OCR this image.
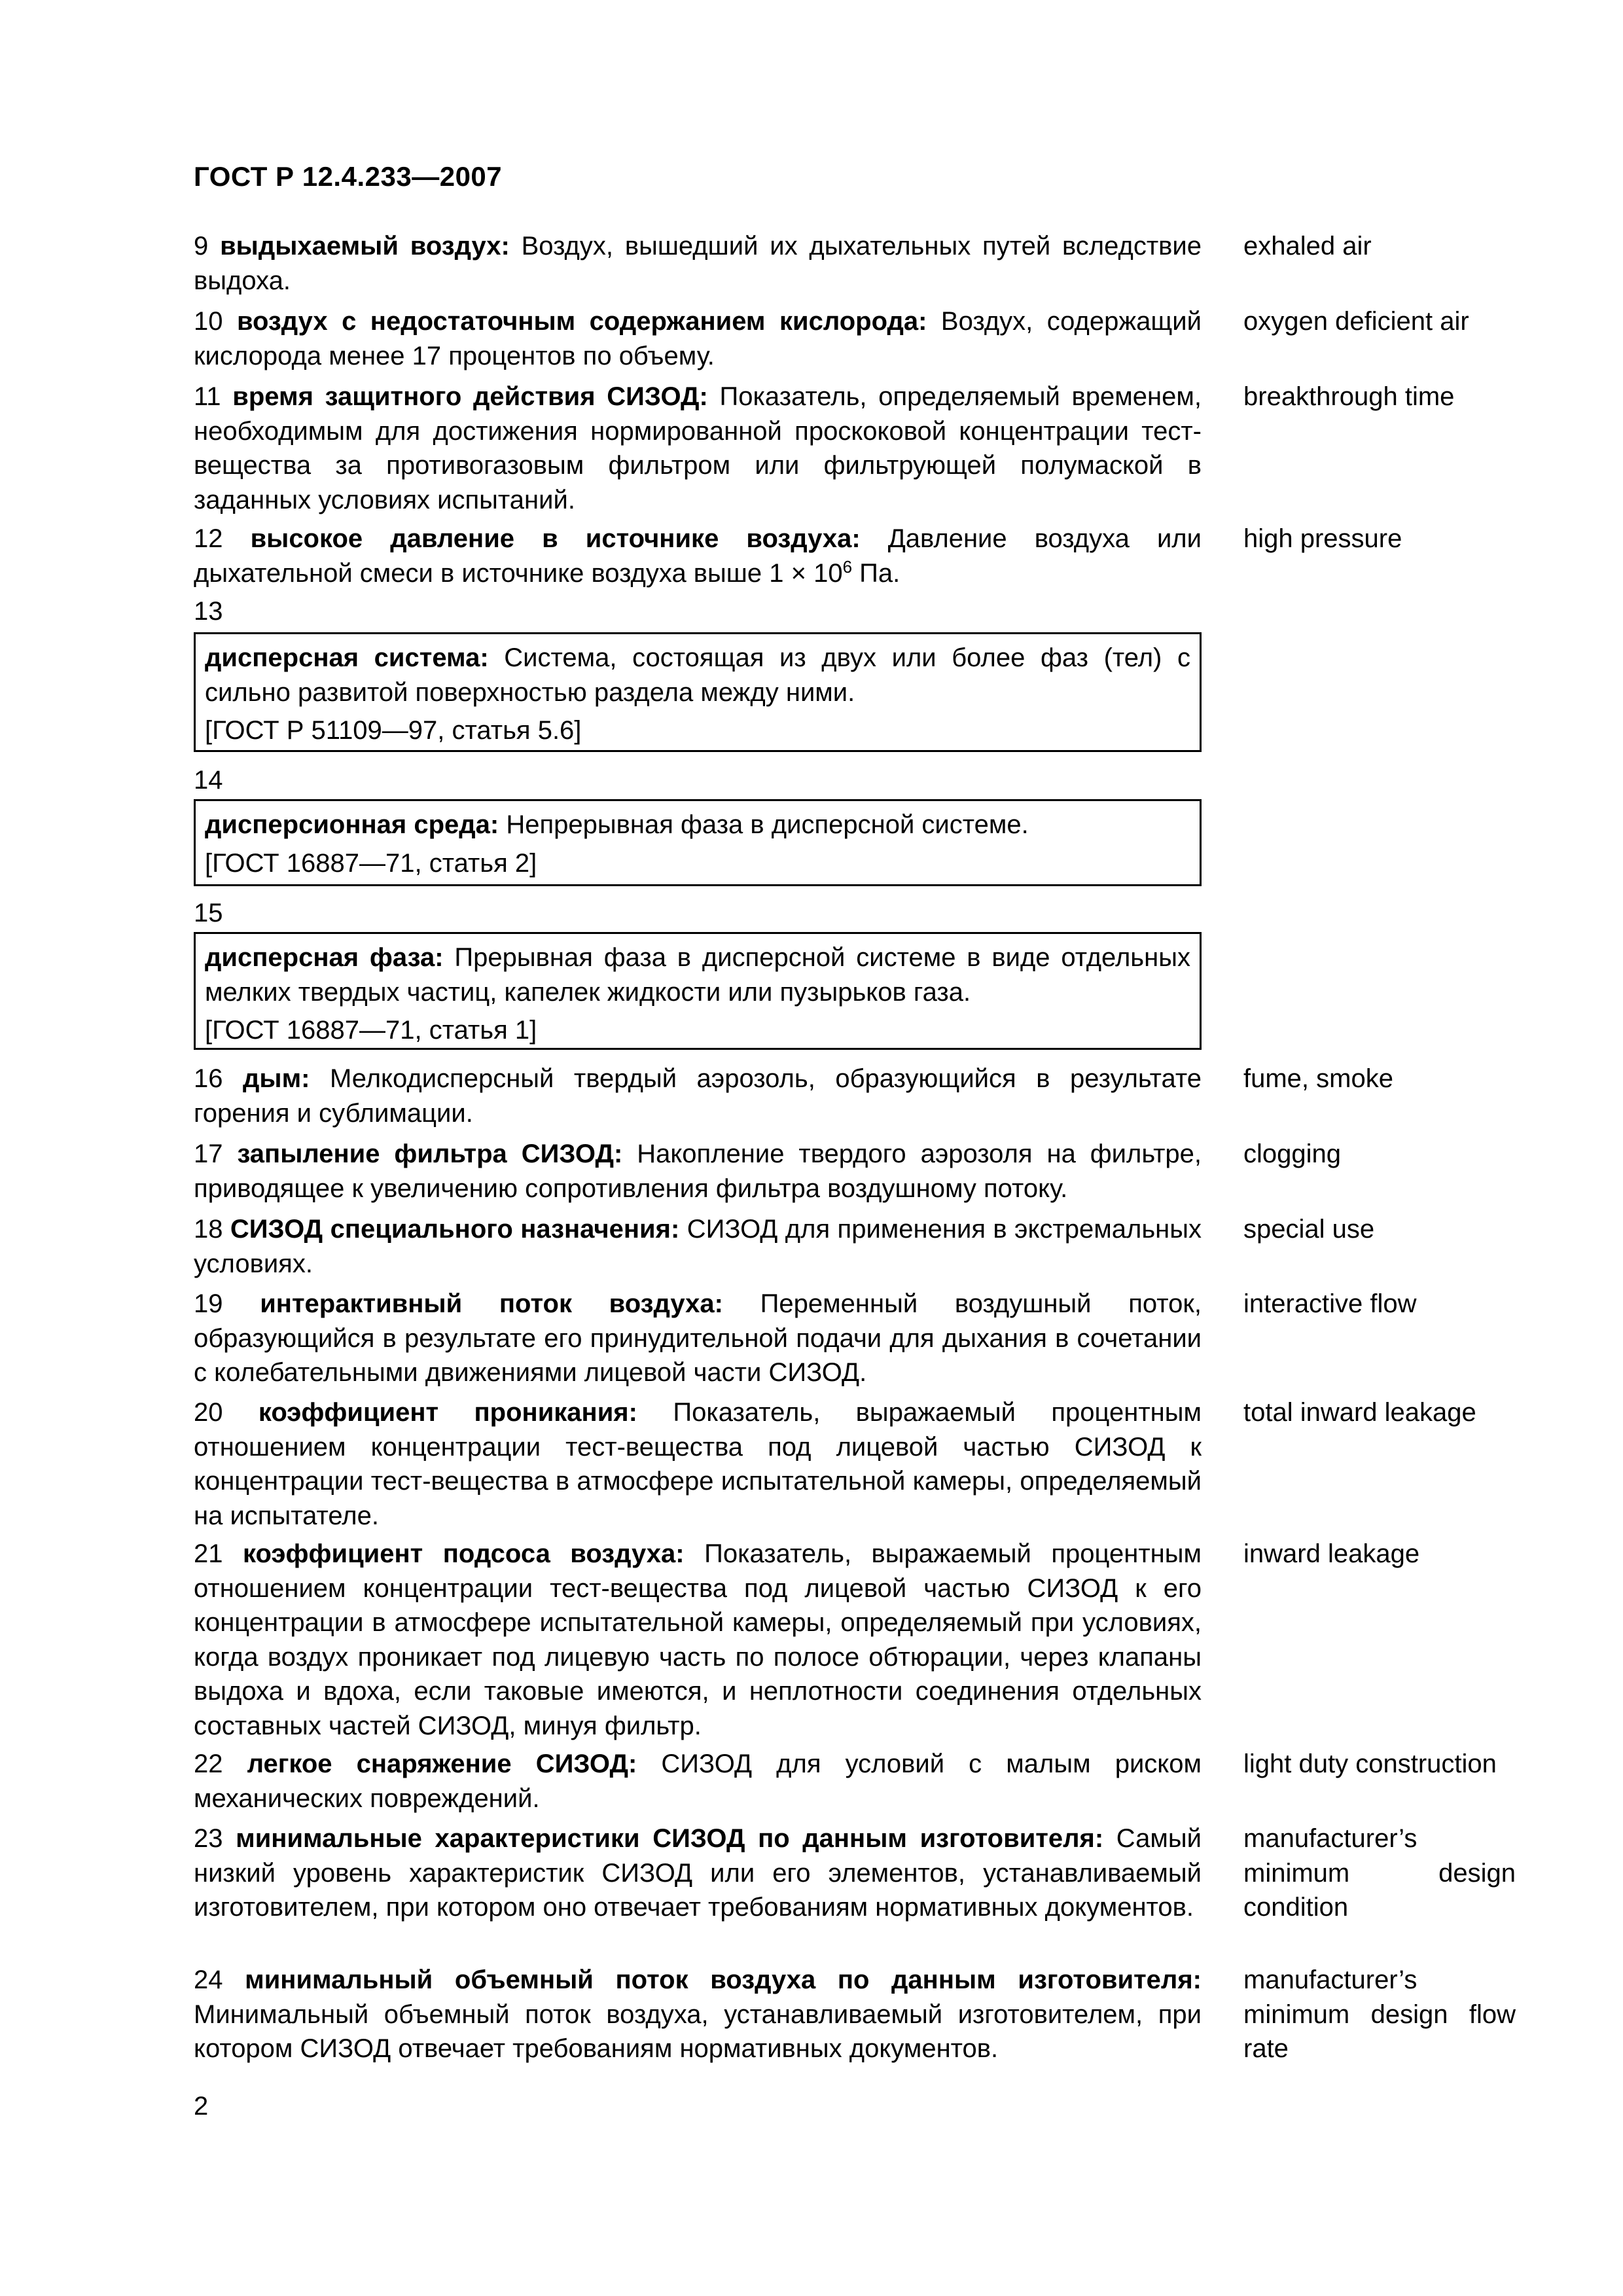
ГОСТ Р 12.4.233—2007
9 выдыхаемый воздух: Воздух, вышедший их дыхательных путей вследствие выдоха.
exhaled air
10 воздух с недостаточным содержанием кислорода: Воздух, содержащий кислорода менее 17 процентов по объему.
oxygen deficient air
11 время защитного действия СИЗОД: Показатель, определяемый временем, необходимым для достижения нормированной проскоковой концентрации тест-вещества за противогазовым фильтром или фильтрующей полумаской в заданных условиях испытаний.
breakthrough time
12 высокое давление в источнике воздуха: Давление воздуха или дыхательной смеси в источнике воздуха выше $1 \times 10^6$ Па.
high pressure
13

дисперсная система: Система, состоящая из двух или более фаз (тел) с сильно развитой поверхностью раздела между ними.

[ГОСТ Р 51109—97, статья 5.6]

14

дисперсионная среда: Непрерывная фаза в дисперсной системе.

[ГОСТ 16887—71, статья 2]

15

дисперсная фаза: Прерывная фаза в дисперсной системе в виде отдельных мелких твердых частиц, капелек жидкости или пузырьков газа.

[ГОСТ 16887—71, статья 1]

16 дым: Мелкодисперсный твердый аэрозоль, образующийся в результате горения и сублимации.
fume, smoke
17 запыление фильтра СИЗОД: Накопление твердого аэрозоля на фильтре, приводящее к увеличению сопротивления фильтра воздушному потоку.
clogging
18 СИЗОД специального назначения: СИЗОД для применения в экстремальных условиях.
special use
19 интерактивный поток воздуха: Переменный воздушный поток, образующийся в результате его принудительной подачи для дыхания в сочетании с колебательными движениями лицевой части СИЗОД.
interactive flow
20 коэффициент проникания: Показатель, выражаемый процентным отношением концентрации тест-вещества под лицевой частью СИЗОД к концентрации тест-вещества в атмосфере испытательной камеры, определяемый на испытателе.
total inward leakage
21 коэффициент подсоса воздуха: Показатель, выражаемый процентным отношением концентрации тест-вещества под лицевой частью СИЗОД к его концентрации в атмосфере испытательной камеры, определяемый при условиях, когда воздух проникает под лицевую часть по полосе обтюрации, через клапаны выдоха и вдоха, если таковые имеются, и неплотности соединения отдельных составных частей СИЗОД, минуя фильтр.
inward leakage
22 легкое снаряжение СИЗОД: СИЗОД для условий с малым риском механических повреждений.
light duty construction
23 минимальные характеристики СИЗОД по данным изготовителя: Самый низкий уровень характеристик СИЗОД или его элементов, устанавливаемый изготовителем, при котором оно отвечает требованиям нормативных документов.
manufacturer’s minimum design condition
24 минимальный объемный поток воздуха по данным изготовителя: Минимальный объемный поток воздуха, устанавливаемый изготовителем, при котором СИЗОД отвечает требованиям нормативных документов.
manufacturer’s minimum design flow rate
2
